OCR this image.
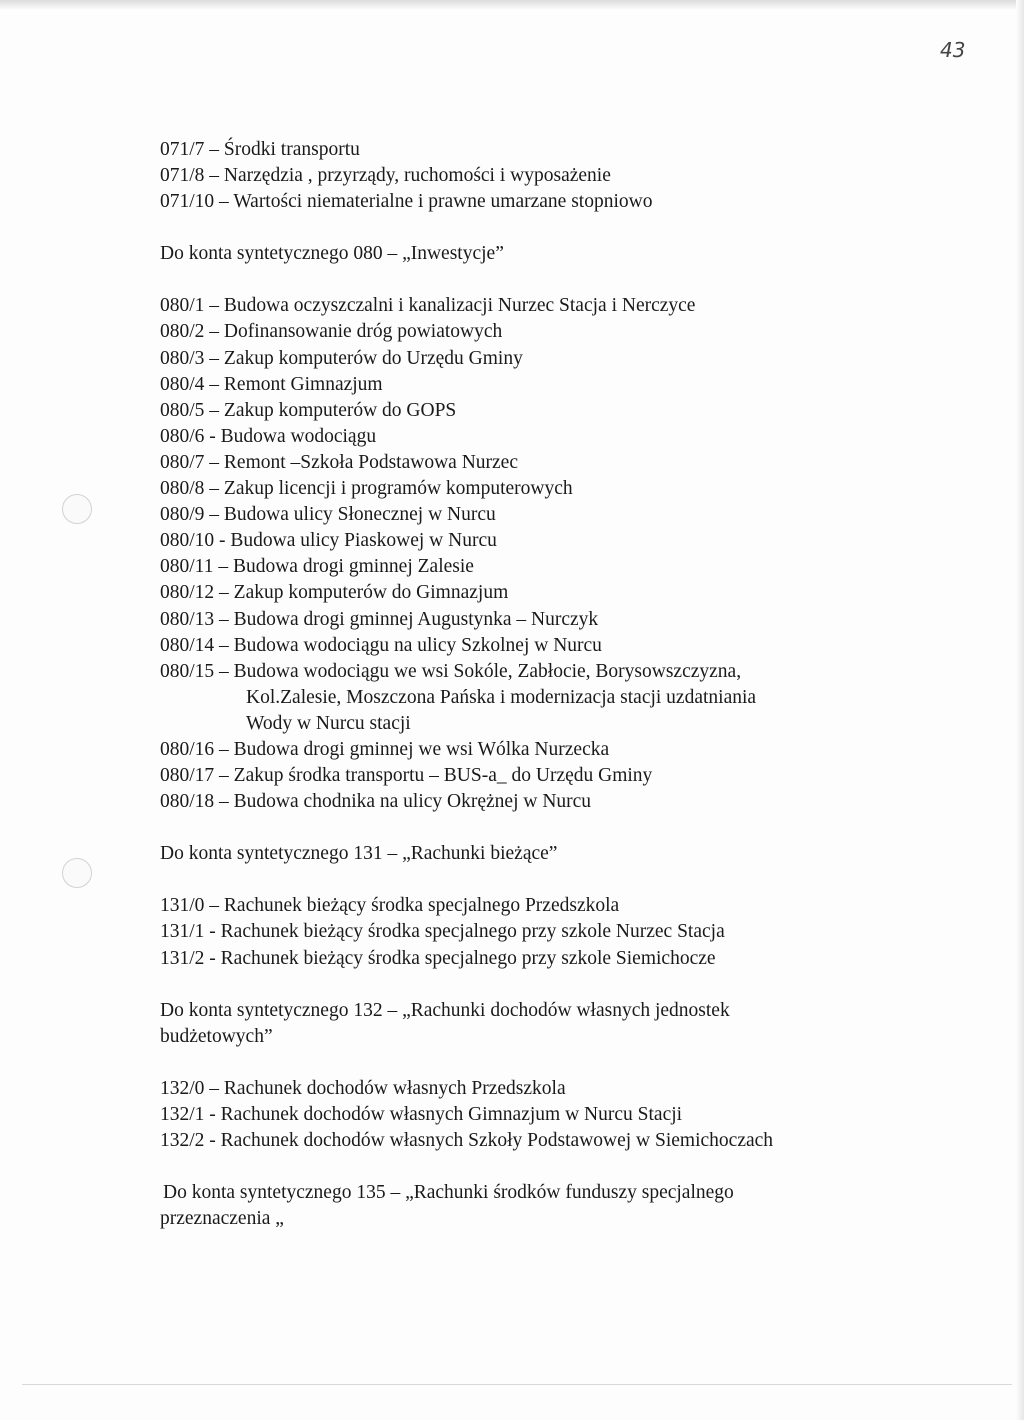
43

071/7 – Środki transportu

071/8 – Narzędzia , przyrządy, ruchomości i wyposażenie

071/10 – Wartości niematerialne i prawne umarzane stopniowo

Do konta syntetycznego 080 – „Inwestycje”

080/1 – Budowa oczyszczalni i kanalizacji Nurzec Stacja i Nerczyce

080/2 – Dofinansowanie dróg powiatowych

080/3 – Zakup komputerów do Urzędu Gminy

080/4 – Remont Gimnazjum

080/5 – Zakup komputerów do GOPS

080/6 - Budowa wodociągu

080/7 – Remont –Szkoła Podstawowa Nurzec

080/8 – Zakup licencji i programów komputerowych

080/9 – Budowa ulicy Słonecznej w Nurcu

080/10 - Budowa ulicy Piaskowej w Nurcu

080/11 – Budowa drogi gminnej Zalesie

080/12 – Zakup komputerów do Gimnazjum

080/13 – Budowa drogi gminnej Augustynka – Nurczyk

080/14 – Budowa wodociągu na ulicy Szkolnej w Nurcu

080/15 – Budowa wodociągu we wsi Sokóle, Zabłocie, Borysowszczyzna,

Kol.Zalesie, Moszczona Pańska i modernizacja stacji uzdatniania

Wody w Nurcu stacji

080/16 – Budowa drogi gminnej we wsi Wólka Nurzecka

080/17 – Zakup środka transportu – BUS-a_ do Urzędu Gminy

080/18 – Budowa chodnika na ulicy Okrężnej w Nurcu

Do konta syntetycznego 131 – „Rachunki bieżące”

131/0 – Rachunek bieżący środka specjalnego Przedszkola

131/1 - Rachunek bieżący środka specjalnego przy szkole Nurzec Stacja

131/2 - Rachunek bieżący środka specjalnego przy szkole Siemichocze

Do konta syntetycznego 132 – „Rachunki dochodów własnych jednostek

budżetowych”

132/0 – Rachunek dochodów własnych Przedszkola

132/1 - Rachunek dochodów własnych Gimnazjum w Nurcu Stacji

132/2 - Rachunek dochodów własnych Szkoły Podstawowej w Siemichoczach

Do konta syntetycznego 135 – „Rachunki środków funduszy specjalnego

przeznaczenia „
